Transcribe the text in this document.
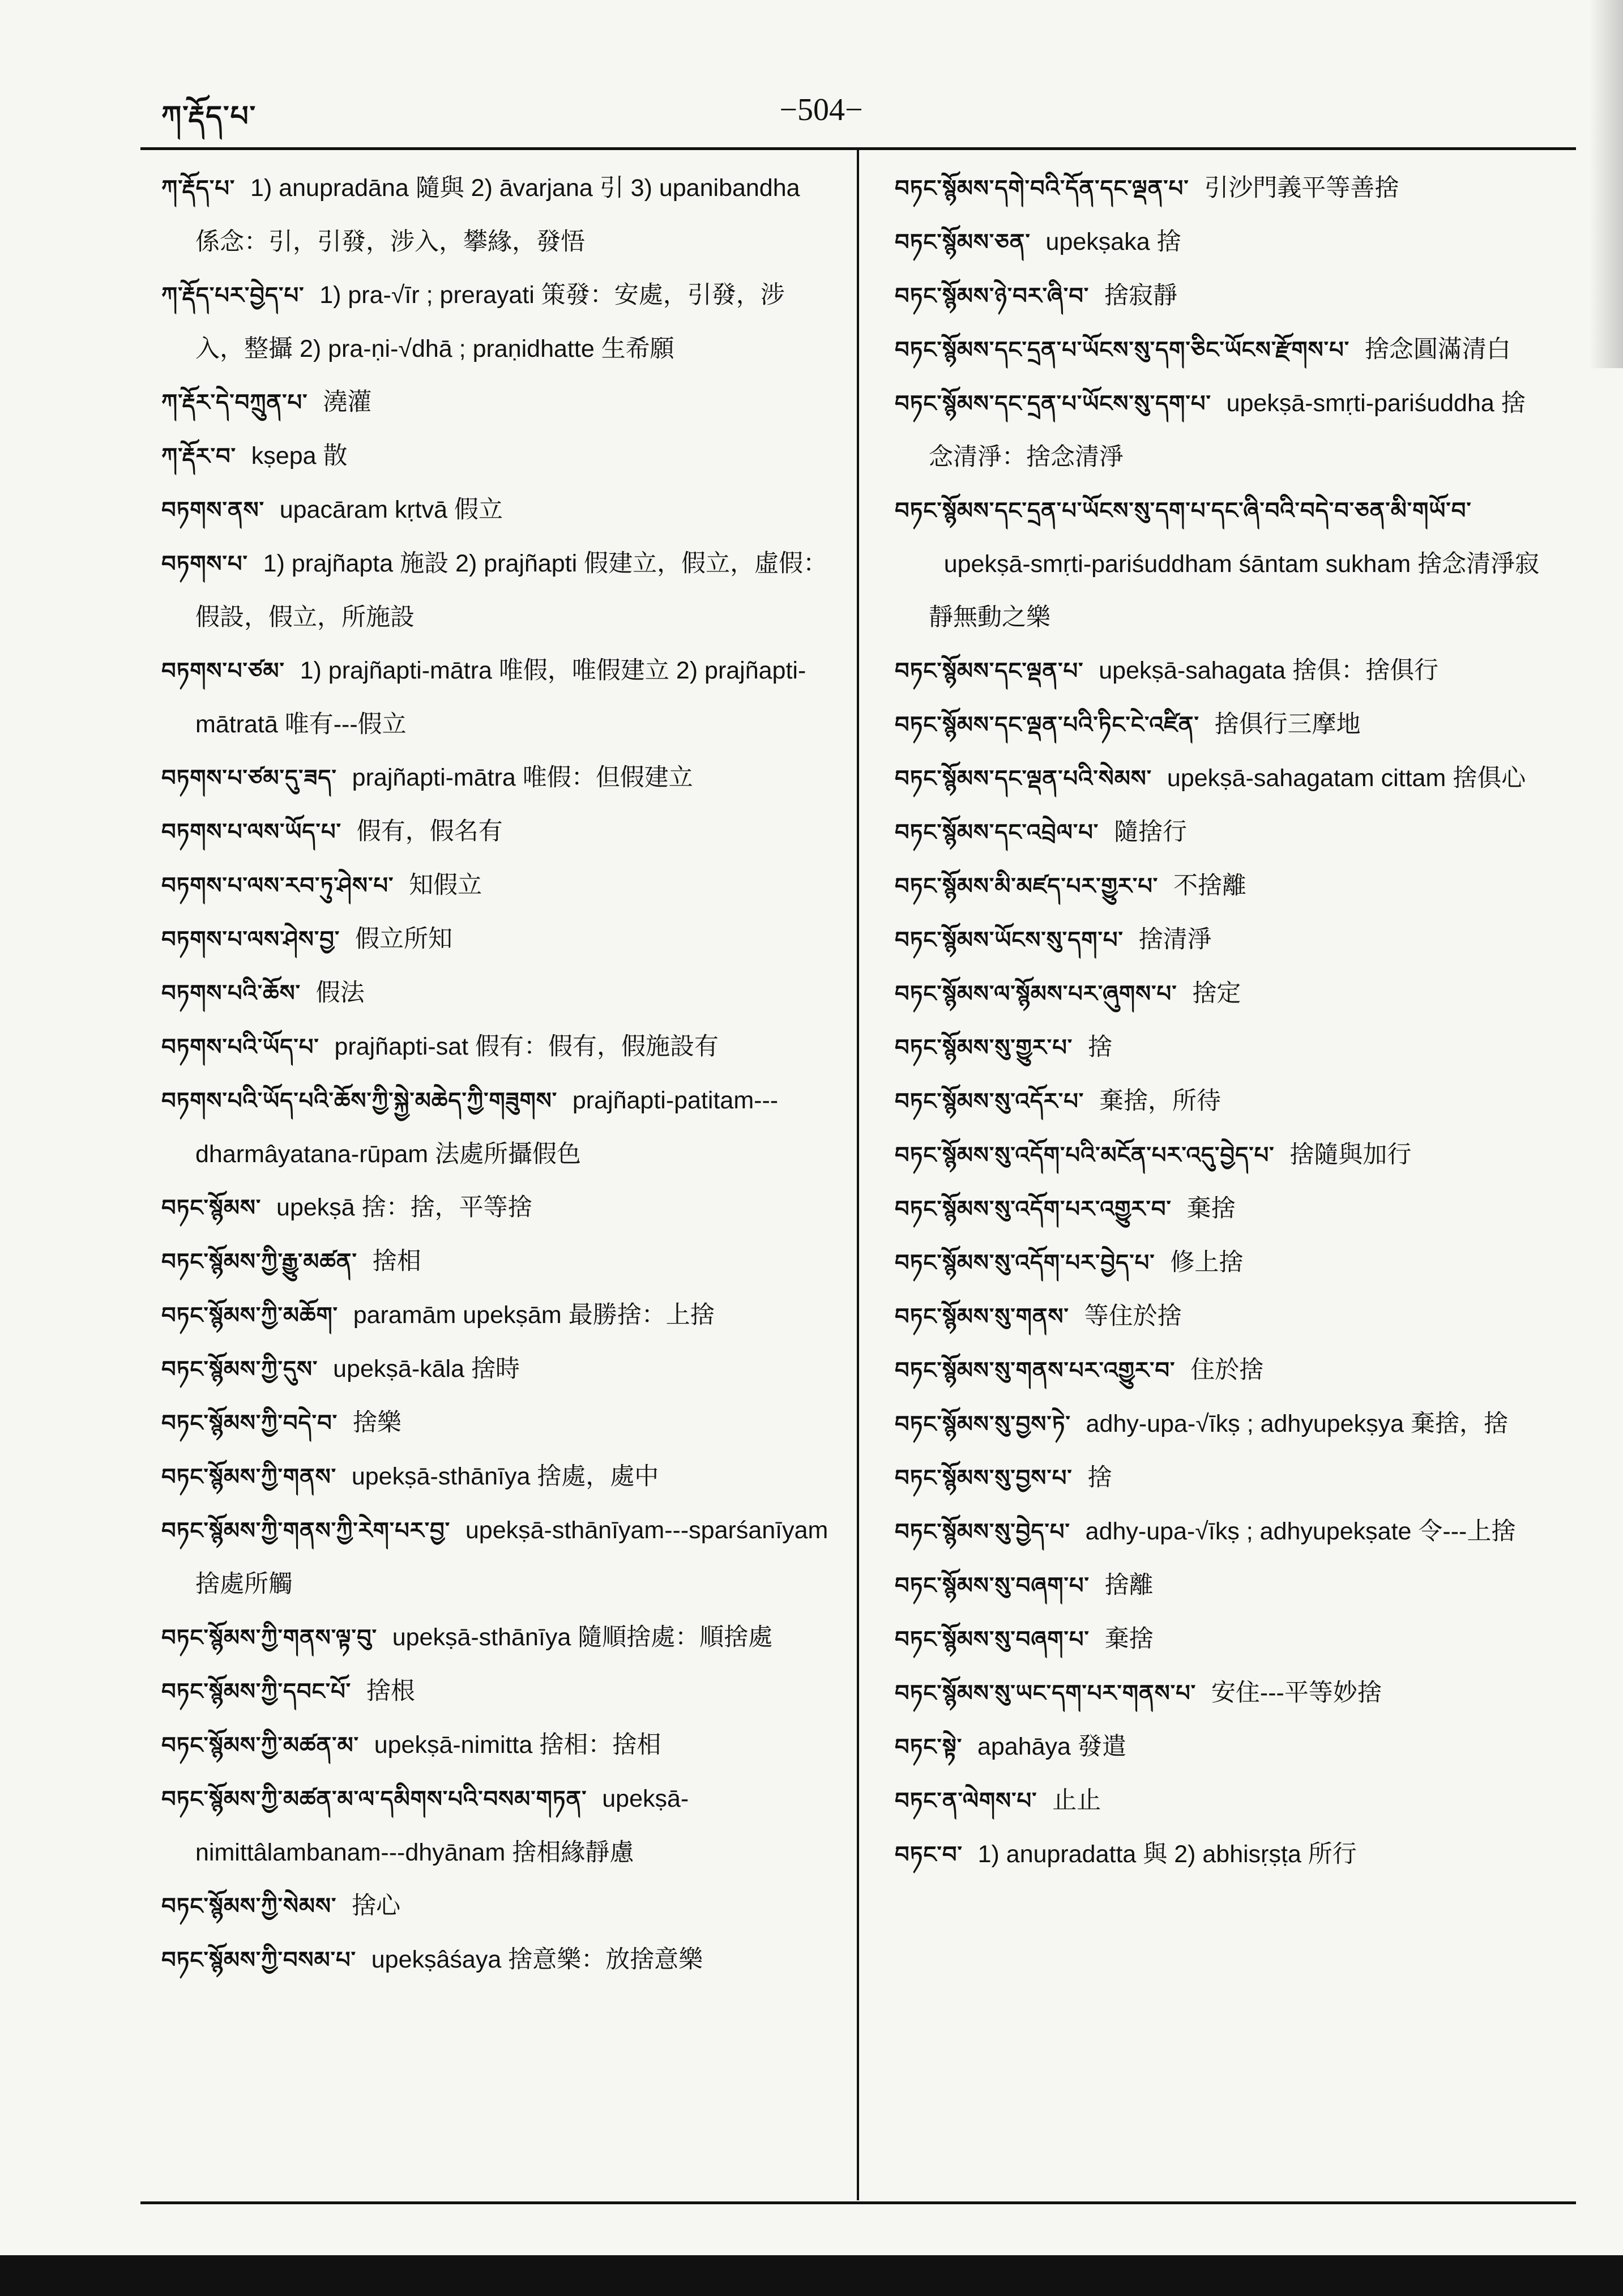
ཀ་རྡོད་པ་	−504−
ཀ་རྡོད་པ་ 1) anupradāna 隨與 2) āvarjana 引 3) upanibandha 係念：引，引發，涉入，攀緣，發悟
ཀ་རྡོད་པར་བྱེད་པ་ 1) pra-√īr ; prerayati 策發：安處，引發，涉入，整攝 2) pra-ṇi-√dhā ; praṇidhatte 生希願
ཀ་རྡོར་དེ་བཀྲུན་པ་ 澆灌
ཀ་རྡོར་བ་ kṣepa 散
བཏགས་ནས་ upacāram kṛtvā 假立
བཏགས་པ་ 1) prajñapta 施設 2) prajñapti 假建立，假立，虛假：假設，假立，所施設
བཏགས་པ་ཙམ་ 1) prajñapti-mātra 唯假，唯假建立 2) prajñapti-mātratā 唯有---假立
བཏགས་པ་ཙམ་དུ་ཟད་ prajñapti-mātra 唯假：但假建立
བཏགས་པ་ལས་ཡོད་པ་ 假有，假名有
བཏགས་པ་ལས་རབ་ཏུ་ཤེས་པ་ 知假立
བཏགས་པ་ལས་ཤེས་བྱ་ 假立所知
བཏགས་པའི་ཆོས་ 假法
བཏགས་པའི་ཡོད་པ་ prajñapti-sat 假有：假有，假施設有
བཏགས་པའི་ཡོད་པའི་ཆོས་ཀྱི་སྐྱེ་མཆེད་ཀྱི་གཟུགས་ prajñapti-patitam---dharmâyatana-rūpam 法處所攝假色
བཏང་སྙོམས་ upekṣā 捨：捨，平等捨
བཏང་སྙོམས་ཀྱི་རྒྱུ་མཚན་ 捨相
བཏང་སྙོམས་ཀྱི་མཆོག་ paramām upekṣām 最勝捨：上捨
བཏང་སྙོམས་ཀྱི་དུས་ upekṣā-kāla 捨時
བཏང་སྙོམས་ཀྱི་བདེ་བ་ 捨樂
བཏང་སྙོམས་ཀྱི་གནས་ upekṣā-sthānīya 捨處，處中
བཏང་སྙོམས་ཀྱི་གནས་ཀྱི་རེག་པར་བྱ་ upekṣā-sthānīyam---sparśanīyam 捨處所觸
བཏང་སྙོམས་ཀྱི་གནས་ལྟ་བུ་ upekṣā-sthānīya 隨順捨處：順捨處
བཏང་སྙོམས་ཀྱི་དབང་པོ་ 捨根
བཏང་སྙོམས་ཀྱི་མཚན་མ་ upekṣā-nimitta 捨相：捨相
བཏང་སྙོམས་ཀྱི་མཚན་མ་ལ་དམིགས་པའི་བསམ་གཏན་ upekṣā-nimittâlambanam---dhyānam 捨相緣靜慮
བཏང་སྙོམས་ཀྱི་སེམས་ 捨心
བཏང་སྙོམས་ཀྱི་བསམ་པ་ upekṣâśaya 捨意樂：放捨意樂
བཏང་སྙོམས་དགེ་བའི་དོན་དང་ལྡན་པ་ 引沙門義平等善捨
བཏང་སྙོམས་ཅན་ upekṣaka 捨
བཏང་སྙོམས་ཉེ་བར་ཞི་བ་ 捨寂靜
བཏང་སྙོམས་དང་དྲན་པ་ཡོངས་སུ་དག་ཅིང་ཡོངས་རྫོགས་པ་ 捨念圓滿清白
བཏང་སྙོམས་དང་དྲན་པ་ཡོངས་སུ་དག་པ་ upekṣā-smṛti-pariśuddha 捨念清淨：捨念清淨
བཏང་སྙོམས་དང་དྲན་པ་ཡོངས་སུ་དག་པ་དང་ཞི་བའི་བདེ་བ་ཅན་མི་གཡོ་བ་  upekṣā-smṛti-pariśuddham śāntam sukham 捨念清淨寂靜無動之樂
བཏང་སྙོམས་དང་ལྡན་པ་ upekṣā-sahagata 捨俱：捨俱行
བཏང་སྙོམས་དང་ལྡན་པའི་ཏིང་ངེ་འཛིན་ 捨俱行三摩地
བཏང་སྙོམས་དང་ལྡན་པའི་སེམས་ upekṣā-sahagatam cittam 捨俱心
བཏང་སྙོམས་དང་འབྲེལ་པ་ 隨捨行
བཏང་སྙོམས་མི་མཛད་པར་གྱུར་པ་ 不捨離
བཏང་སྙོམས་ཡོངས་སུ་དག་པ་ 捨清淨
བཏང་སྙོམས་ལ་སྙོམས་པར་ཞུགས་པ་ 捨定
བཏང་སྙོམས་སུ་གྱུར་པ་ 捨
བཏང་སྙོམས་སུ་འདོར་པ་ 棄捨，所待
བཏང་སྙོམས་སུ་འདོག་པའི་མངོན་པར་འདུ་བྱེད་པ་ 捨隨與加行
བཏང་སྙོམས་སུ་འདོག་པར་འགྱུར་བ་ 棄捨
བཏང་སྙོམས་སུ་འདོག་པར་བྱེད་པ་ 修上捨
བཏང་སྙོམས་སུ་གནས་ 等住於捨
བཏང་སྙོམས་སུ་གནས་པར་འགྱུར་བ་ 住於捨
བཏང་སྙོམས་སུ་བྱས་ཏེ་ adhy-upa-√īkṣ ; adhyupekṣya 棄捨，捨
བཏང་སྙོམས་སུ་བྱས་པ་ 捨
བཏང་སྙོམས་སུ་བྱེད་པ་ adhy-upa-√īkṣ ; adhyupekṣate 令---上捨
བཏང་སྙོམས་སུ་བཞག་པ་ 捨離
བཏང་སྙོམས་སུ་བཞག་པ་ 棄捨
བཏང་སྙོམས་སུ་ཡང་དག་པར་གནས་པ་ 安住---平等妙捨
བཏང་སྟེ་ apahāya 發遣
བཏང་ན་ལེགས་པ་ 止止
བཏང་བ་ 1) anupradatta 與 2) abhisṛṣṭa 所行
